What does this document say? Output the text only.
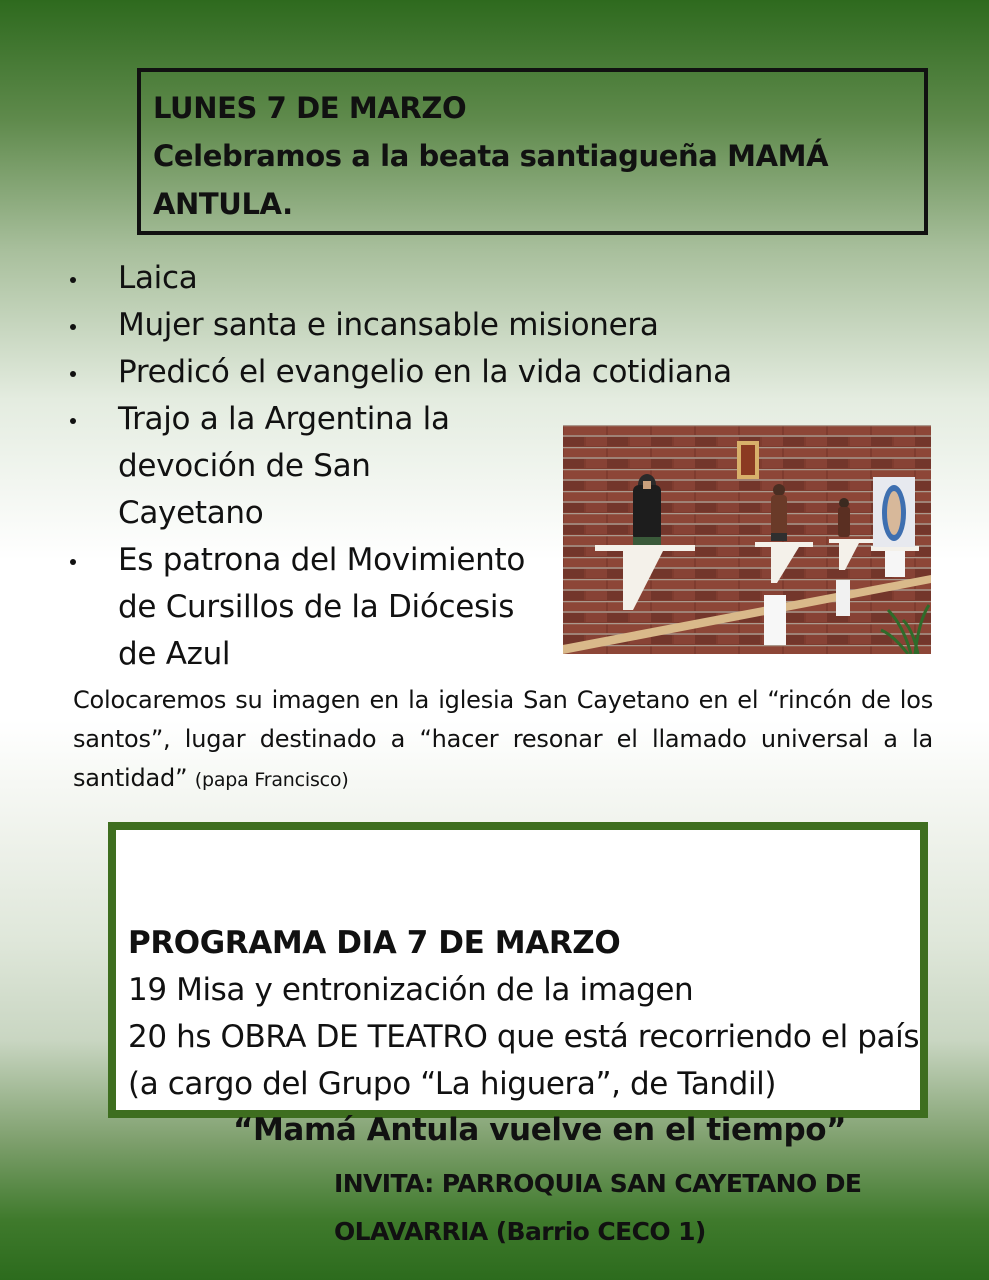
LUNES 7 DE MARZO
Celebramos a la beata santiagueña MAMÁ ANTULA.
Laica
Mujer santa e incansable misionera
Predicó el evangelio en la vida cotidiana
Trajo a la Argentina la devoción de San Cayetano
Es patrona del Movimiento de Cursillos de la Diócesis de Azul
Colocaremos su imagen en la iglesia San Cayetano en el “rincón de los santos”, lugar destinado a “hacer resonar el llamado universal a la santidad” (papa Francisco)
PROGRAMA DIA 7 DE MARZO
19 Misa y entronización de la imagen
20 hs OBRA DE TEATRO que está recorriendo el país (a cargo del Grupo “La higuera”, de Tandil)
“Mamá Antula vuelve en el tiempo”
INVITA: PARROQUIA SAN CAYETANO DE OLAVARRIA (Barrio CECO 1)
